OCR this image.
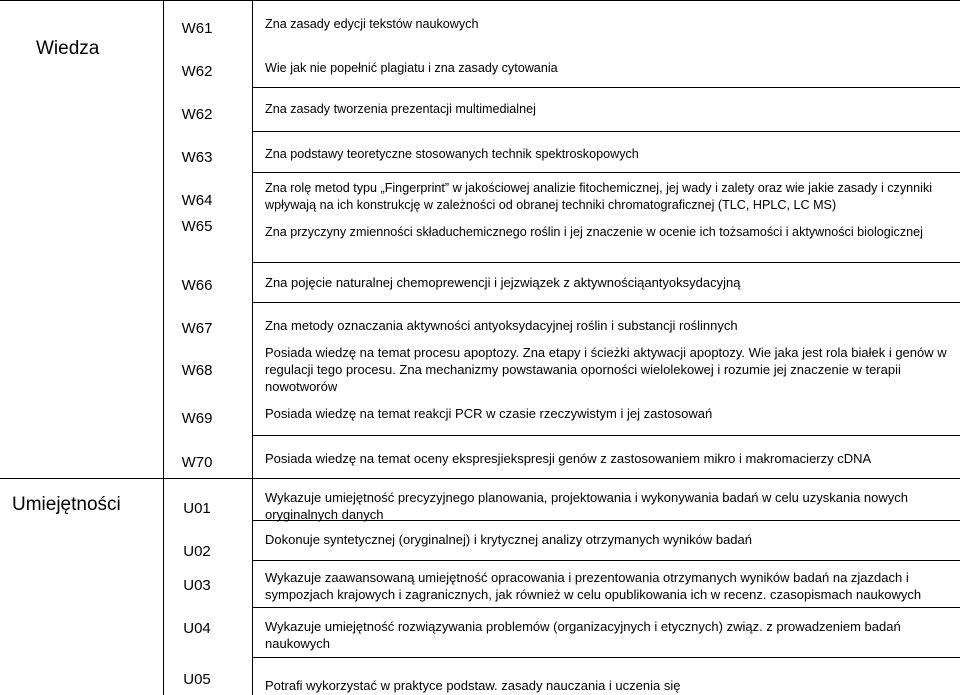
Wiedza
Umiejętności
W61
W62
W62
W63
W64
W65
W66
W67
W68
W69
W70
U01
U02
U03
U04
U05
Zna zasady edycji tekstów naukowych
Wie jak nie popełnić plagiatu i zna zasady cytowania
Zna zasady tworzenia prezentacji multimedialnej
Zna podstawy teoretyczne stosowanych technik spektroskopowych
Zna rolę metod typu „Fingerprint” w jakościowej analizie fitochemicznej, jej wady i zalety oraz wie jakie zasady i czynniki wpływają na ich konstrukcję w zależności od obranej techniki chromatograficznej (TLC, HPLC, LC MS)
Zna przyczyny zmienności składuchemicznego roślin i jej znaczenie w ocenie ich tożsamości i aktywności biologicznej
Zna pojęcie naturalnej chemoprewencji i jejzwiązek z aktywnościąantyoksydacyjną
Zna metody oznaczania aktywności antyoksydacyjnej roślin i substancji roślinnych
Posiada wiedzę na temat procesu apoptozy. Zna etapy i ścieżki aktywacji apoptozy. Wie jaka jest rola białek i genów w regulacji tego procesu. Zna mechanizmy powstawania oporności wielolekowej i rozumie jej znaczenie w terapii nowotworów
Posiada wiedzę na temat reakcji PCR w czasie rzeczywistym i jej zastosowań
Posiada wiedzę na temat oceny ekspresjiekspresji genów z zastosowaniem mikro i makromacierzy cDNA
Wykazuje umiejętność precyzyjnego planowania, projektowania i wykonywania badań w celu uzyskania nowych oryginalnych danych
Dokonuje syntetycznej (oryginalnej) i krytycznej analizy otrzymanych wyników badań
Wykazuje zaawansowaną umiejętność opracowania i prezentowania otrzymanych wyników badań na zjazdach i sympozjach krajowych i zagranicznych, jak również w celu opublikowania ich w recenz. czasopismach naukowych
Wykazuje umiejętność rozwiązywania problemów (organizacyjnych i etycznych) związ. z prowadzeniem badań naukowych
Potrafi wykorzystać w praktyce podstaw. zasady nauczania i uczenia się
